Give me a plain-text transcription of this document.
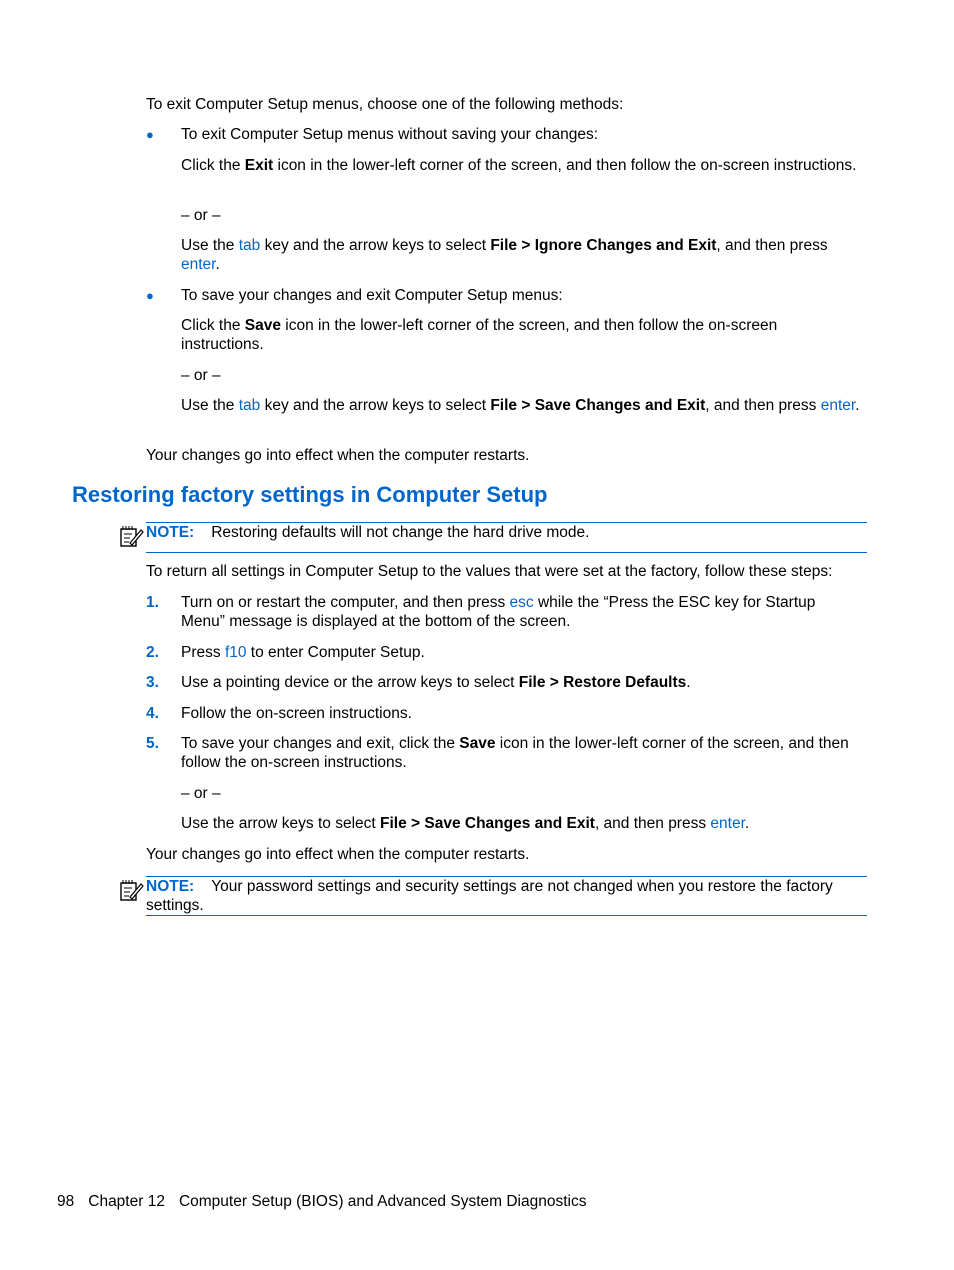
To exit Computer Setup menus, choose one of the following methods:
● To exit Computer Setup menus without saving your changes:
Click the Exit icon in the lower-left corner of the screen, and then follow the on-screen instructions.
– or –
Use the tab key and the arrow keys to select File > Ignore Changes and Exit, and then press enter.
● To save your changes and exit Computer Setup menus:
Click the Save icon in the lower-left corner of the screen, and then follow the on-screen instructions.
– or –
Use the tab key and the arrow keys to select File > Save Changes and Exit, and then press enter.
Your changes go into effect when the computer restarts.
Restoring factory settings in Computer Setup
NOTE: Restoring defaults will not change the hard drive mode.
To return all settings in Computer Setup to the values that were set at the factory, follow these steps:
1. Turn on or restart the computer, and then press esc while the “Press the ESC key for Startup Menu” message is displayed at the bottom of the screen.
2. Press f10 to enter Computer Setup.
3. Use a pointing device or the arrow keys to select File > Restore Defaults.
4. Follow the on-screen instructions.
5. To save your changes and exit, click the Save icon in the lower-left corner of the screen, and then follow the on-screen instructions.
– or –
Use the arrow keys to select File > Save Changes and Exit, and then press enter.
Your changes go into effect when the computer restarts.
NOTE: Your password settings and security settings are not changed when you restore the factory settings.
98 Chapter 12 Computer Setup (BIOS) and Advanced System Diagnostics
